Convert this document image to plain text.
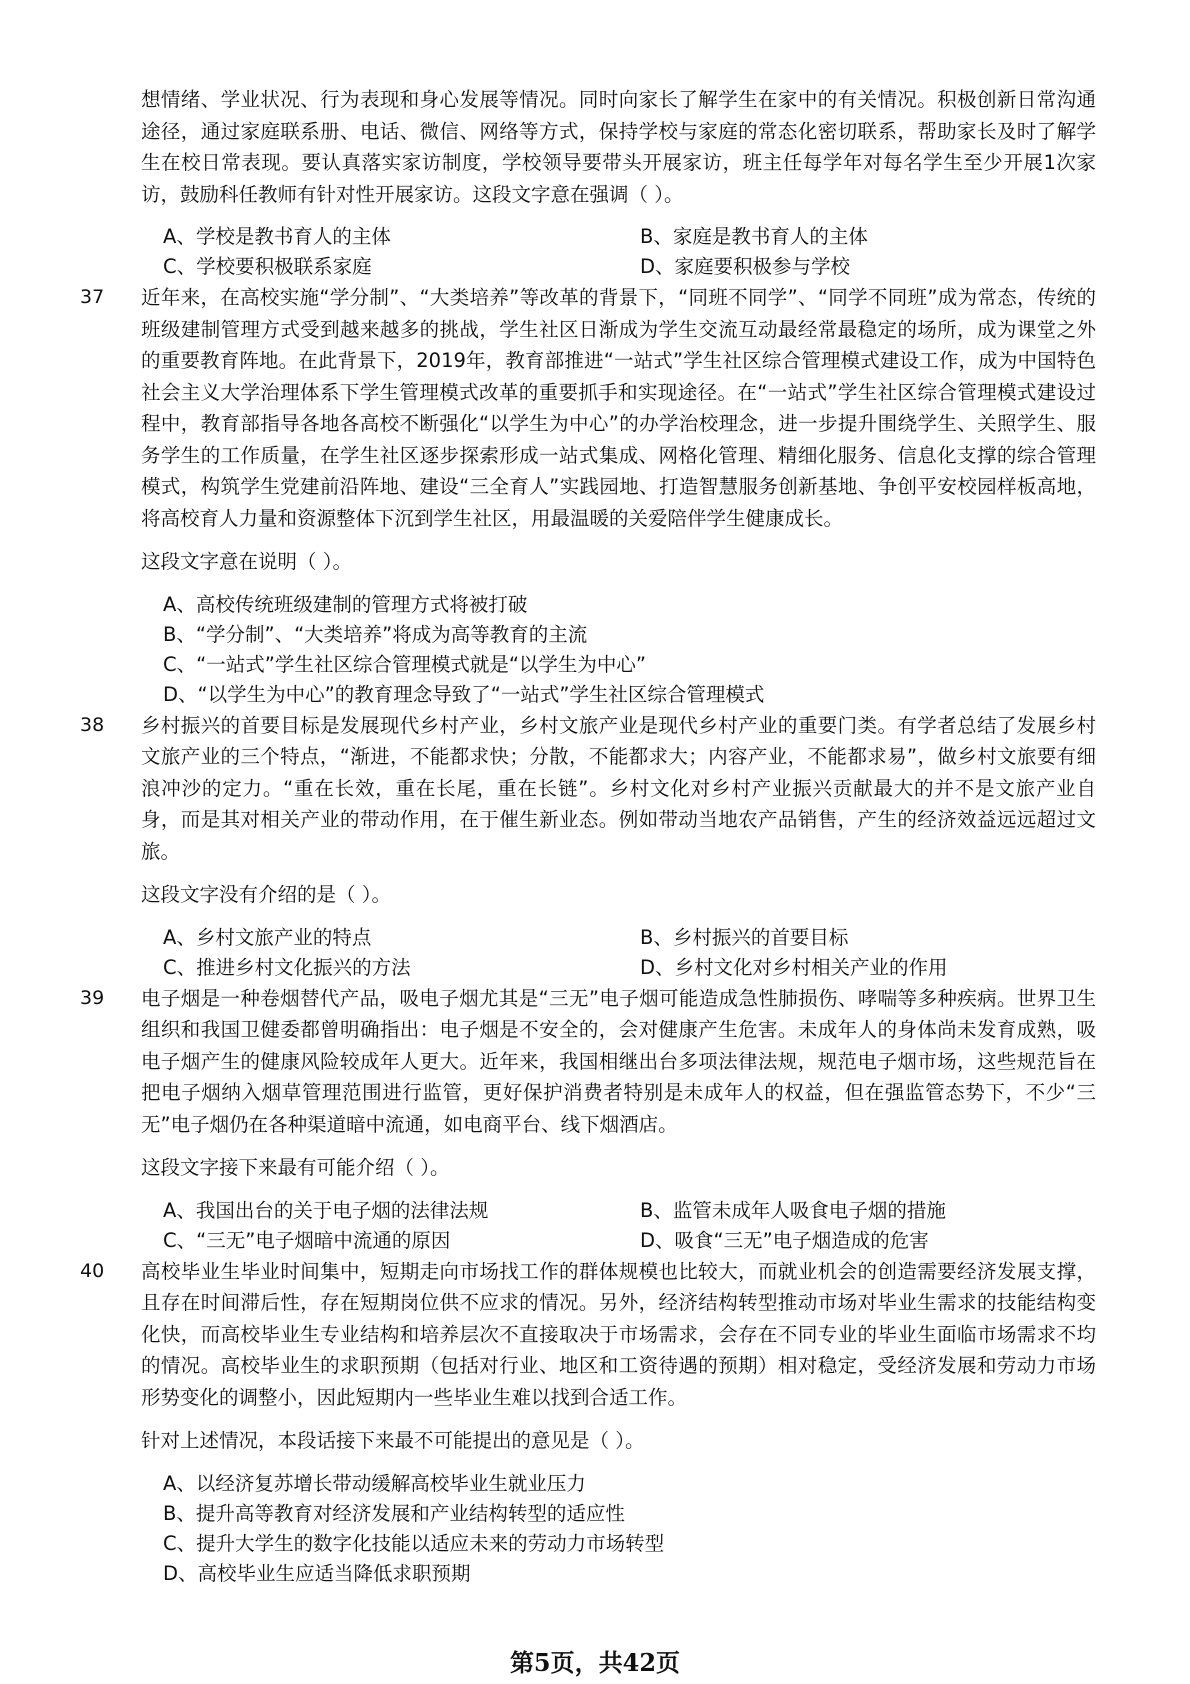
想情绪、学业状况、行为表现和身心发展等情况。同时向家长了解学生在家中的有关情况。积极创新日常沟通途径，通过家庭联系册、电话、微信、网络等方式，保持学校与家庭的常态化密切联系，帮助家长及时了解学生在校日常表现。要认真落实家访制度，学校领导要带头开展家访，班主任每学年对每名学生至少开展1次家访，鼓励科任教师有针对性开展家访。这段文字意在强调（ ）。

A、学校是教书育人的主体	B、家庭是教书育人的主体
C、学校要积极联系家庭	D、家庭要积极参与学校
37 近年来，在高校实施“学分制”、“大类培养”等改革的背景下，“同班不同学”、“同学不同班”成为常态，传统的班级建制管理方式受到越来越多的挑战，学生社区日渐成为学生交流互动最经常最稳定的场所，成为课堂之外的重要教育阵地。在此背景下，2019年，教育部推进“一站式”学生社区综合管理模式建设工作，成为中国特色社会主义大学治理体系下学生管理模式改革的重要抓手和实现途径。在“一站式”学生社区综合管理模式建设过程中，教育部指导各地各高校不断强化“以学生为中心”的办学治校理念，进一步提升围绕学生、关照学生、服务学生的工作质量，在学生社区逐步探索形成一站式集成、网格化管理、精细化服务、信息化支撑的综合管理模式，构筑学生党建前沿阵地、建设“三全育人”实践园地、打造智慧服务创新基地、争创平安校园样板高地，将高校育人力量和资源整体下沉到学生社区，用最温暖的关爱陪伴学生健康成长。

这段文字意在说明（ ）。

A、高校传统班级建制的管理方式将被打破
B、“学分制”、“大类培养”将成为高等教育的主流
C、“一站式”学生社区综合管理模式就是“以学生为中心”
D、“以学生为中心”的教育理念导致了“一站式”学生社区综合管理模式
38 乡村振兴的首要目标是发展现代乡村产业，乡村文旅产业是现代乡村产业的重要门类。有学者总结了发展乡村文旅产业的三个特点，“渐进，不能都求快；分散，不能都求大；内容产业，不能都求易”，做乡村文旅要有细浪冲沙的定力。“重在长效，重在长尾，重在长链”。乡村文化对乡村产业振兴贡献最大的并不是文旅产业自身，而是其对相关产业的带动作用，在于催生新业态。例如带动当地农产品销售，产生的经济效益远远超过文旅。

这段文字没有介绍的是（ ）。

A、乡村文旅产业的特点	B、乡村振兴的首要目标
C、推进乡村文化振兴的方法	D、乡村文化对乡村相关产业的作用
39 电子烟是一种卷烟替代产品，吸电子烟尤其是“三无”电子烟可能造成急性肺损伤、哮喘等多种疾病。世界卫生组织和我国卫健委都曾明确指出：电子烟是不安全的，会对健康产生危害。未成年人的身体尚未发育成熟，吸电子烟产生的健康风险较成年人更大。近年来，我国相继出台多项法律法规，规范电子烟市场，这些规范旨在把电子烟纳入烟草管理范围进行监管，更好保护消费者特别是未成年人的权益，但在强监管态势下，不少“三无”电子烟仍在各种渠道暗中流通，如电商平台、线下烟酒店。

这段文字接下来最有可能介绍（ ）。

A、我国出台的关于电子烟的法律法规	B、监管未成年人吸食电子烟的措施
C、“三无”电子烟暗中流通的原因	D、吸食“三无”电子烟造成的危害
40 高校毕业生毕业时间集中，短期走向市场找工作的群体规模也比较大，而就业机会的创造需要经济发展支撑，且存在时间滞后性，存在短期岗位供不应求的情况。另外，经济结构转型推动市场对毕业生需求的技能结构变化快，而高校毕业生专业结构和培养层次不直接取决于市场需求，会存在不同专业的毕业生面临市场需求不均的情况。高校毕业生的求职预期（包括对行业、地区和工资待遇的预期）相对稳定，受经济发展和劳动力市场形势变化的调整小，因此短期内一些毕业生难以找到合适工作。

针对上述情况，本段话接下来最不可能提出的意见是（ ）。

A、以经济复苏增长带动缓解高校毕业生就业压力
B、提升高等教育对经济发展和产业结构转型的适应性
C、提升大学生的数字化技能以适应未来的劳动力市场转型
D、高校毕业生应适当降低求职预期
第5页，共42页
